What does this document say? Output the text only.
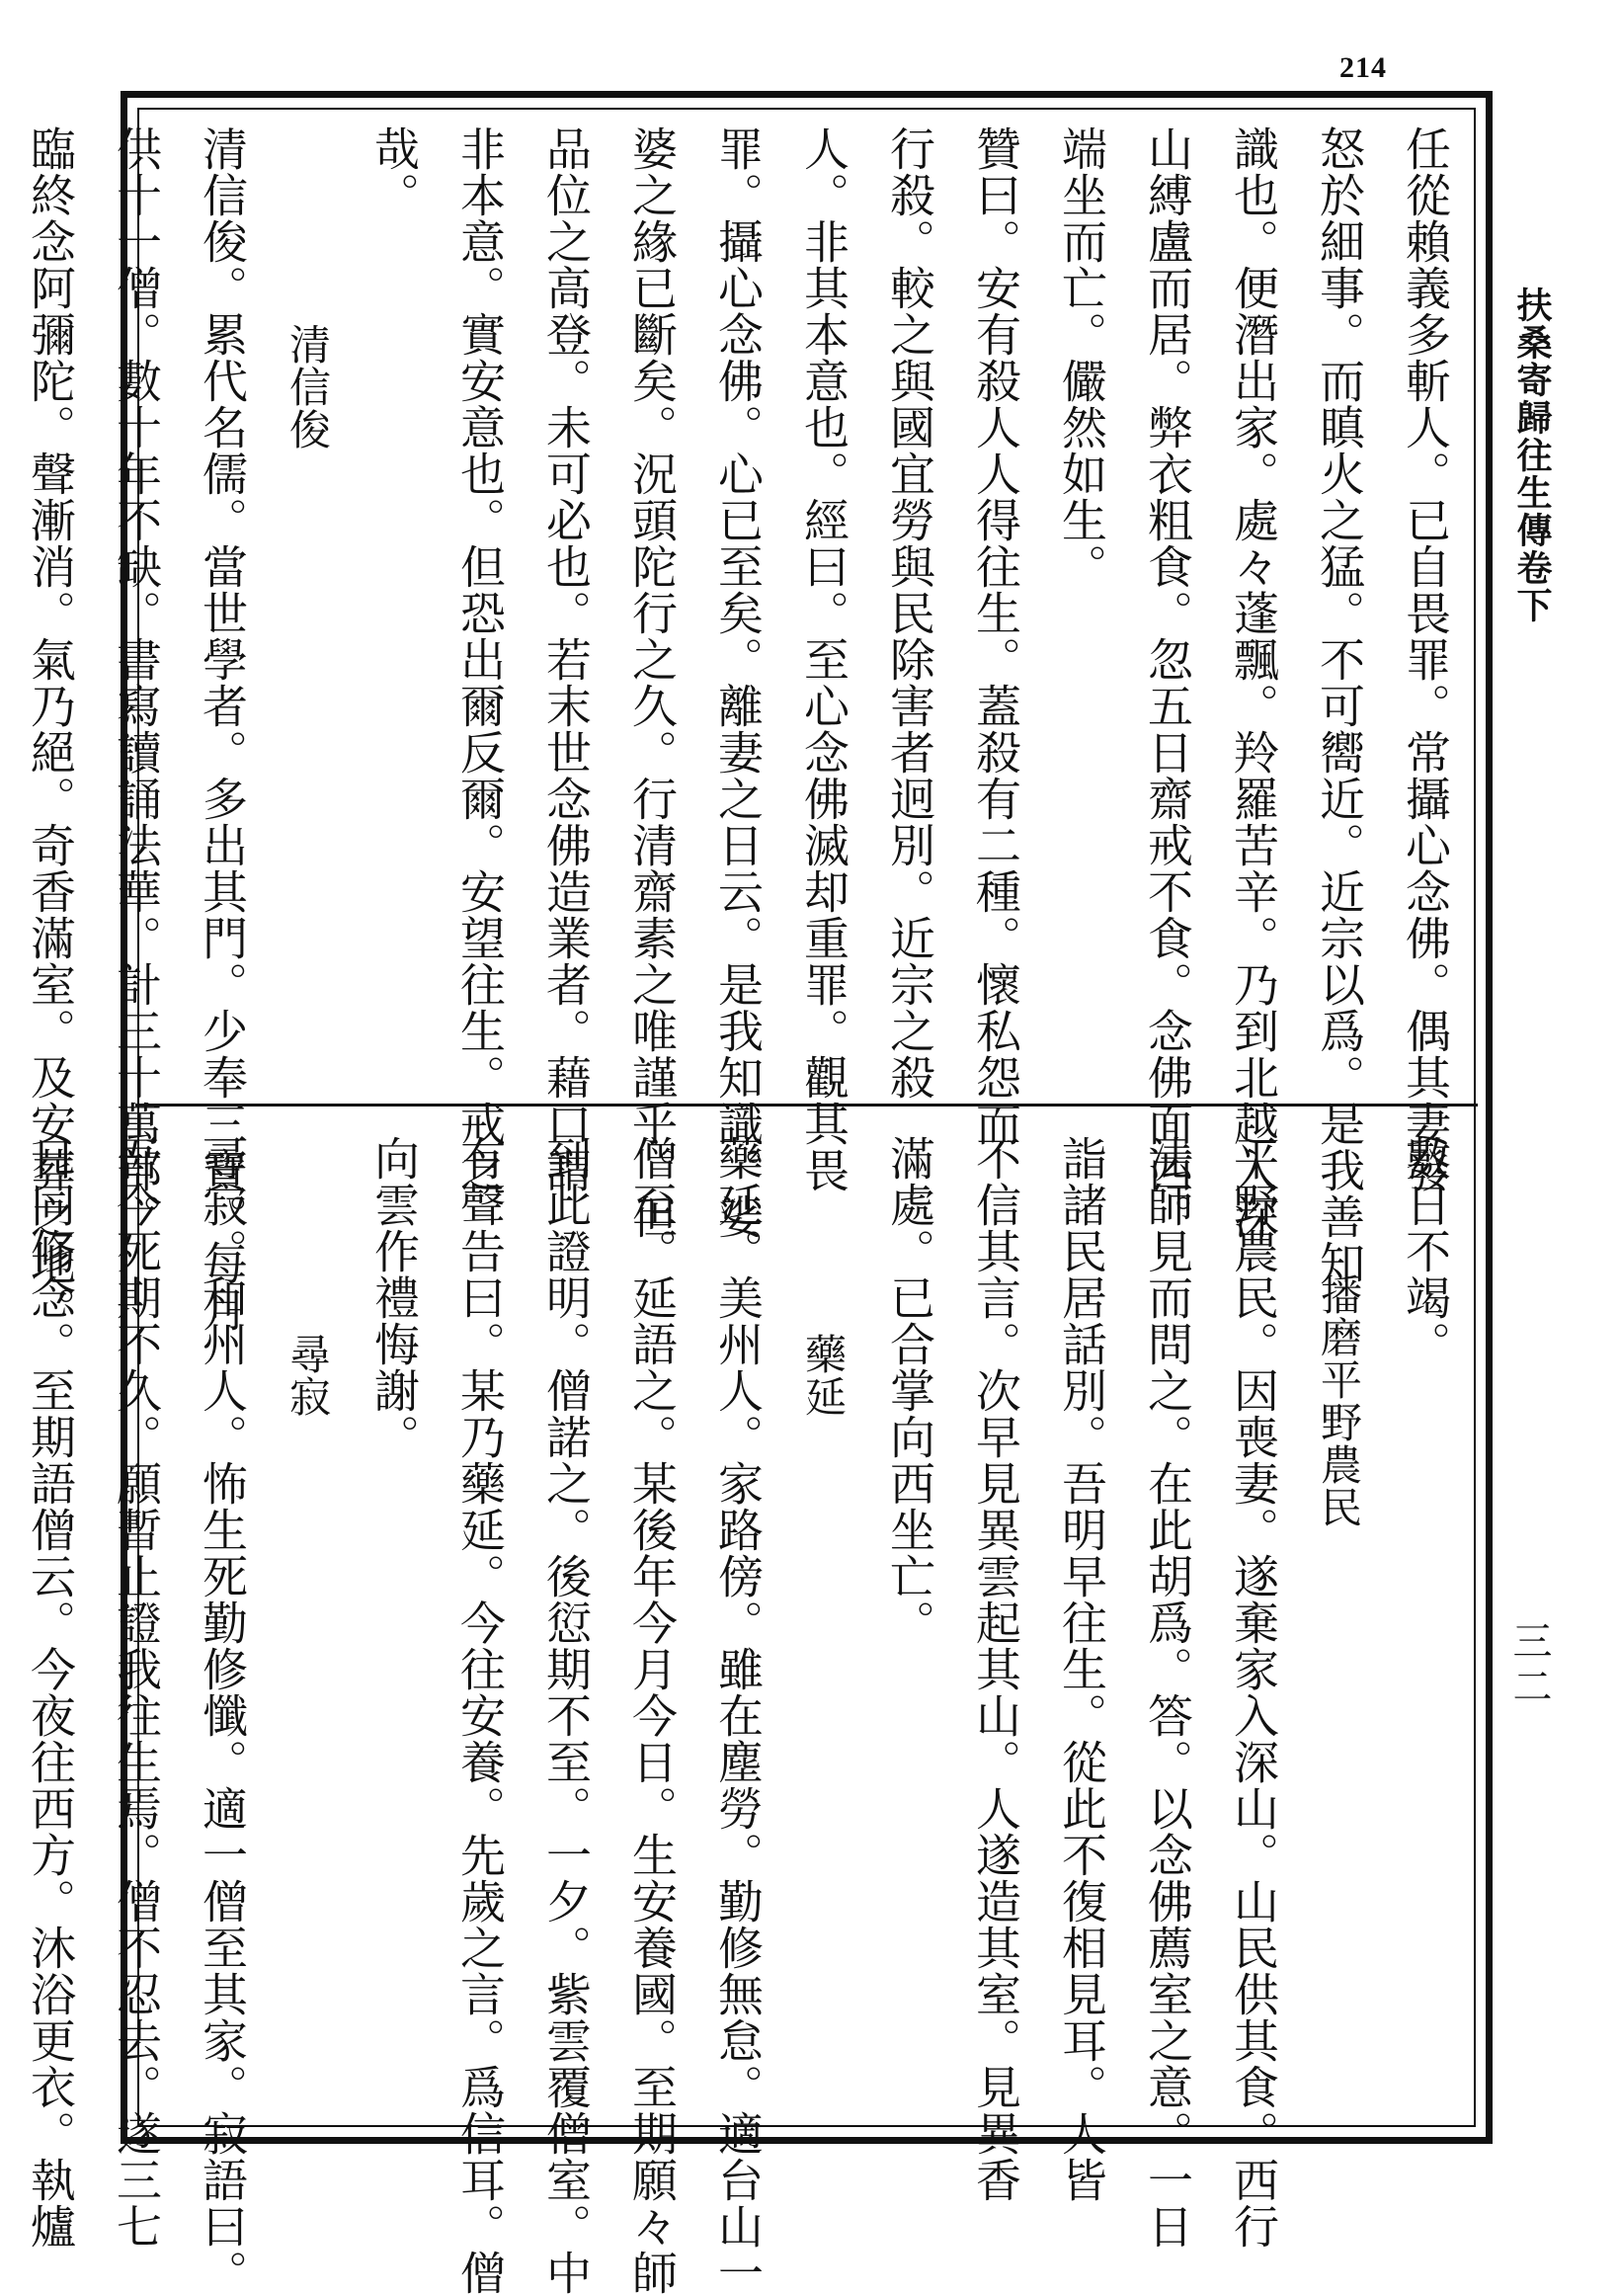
214

任從賴義多斬人。已自畏罪。常攝心念佛。偶其妻發

怒於細事。而瞋火之猛。不可嚮近。近宗以爲。是我善知

識也。便潛出家。處々蓬飄。羚羅苦辛。乃到北越入深

山縛盧而居。弊衣粗食。忽五日齋戒不食。念佛面西。

端坐而亡。儼然如生。

贊曰。安有殺人人得往生。蓋殺有二種。懷私怨而

行殺。較之與國宜勞與民除害者迥別。近宗之殺

人。非其本意也。經曰。至心念佛滅却重罪。觀其畏

罪。攝心念佛。心已至矣。離妻之日云。是我知識。娑

婆之緣已斷矣。況頭陀行之久。行清齋素之唯謹乎。但

品位之高登。未可必也。若末世念佛造業者。藉口謂

非本意。實安意也。但恐出爾反爾。安望往生。戒之

哉。

清信俊

清信俊。累代名儒。當世學者。多出其門。少奉三寶。每月

供十一僧。數十年不缺。書寫讀誦法華。計三十萬部。

臨終念阿彌陀。聲漸消。氣乃絕。奇香滿室。及安葬之地。	數日不竭。

播磨平野農民

平野農民。因喪妻。遂棄家入深山。山民供其食。西行

法師見而問之。在此胡爲。答。以念佛薦室之意。一日

詣諸民居話別。吾明早往生。從此不復相見耳。人皆

不信其言。次早見異雲起其山。人遂造其室。見異香

滿處。已合掌向西坐亡。

藥延

藥延。美州人。家路傍。雖在塵勞。勤修無怠。適台山一

僧至。延語之。某後年今月今日。生安養國。至期願々師

到此證明。僧諾之。後愆期不至。一夕。紫雲覆僧室。中

有聲告曰。某乃藥延。今往安養。先歲之言。爲信耳。僧

向雲作禮悔謝。

尋寂

尋寂。和州人。怖生死勤修懺。適一僧至其家。寂語曰。

吾今死期不久。願暫止證我往生焉。僧不忍去。遂三七

日同修念。至期語僧云。今夜往西方。沐浴更衣。執爐

扶桑寄歸往生傳卷下
三二
